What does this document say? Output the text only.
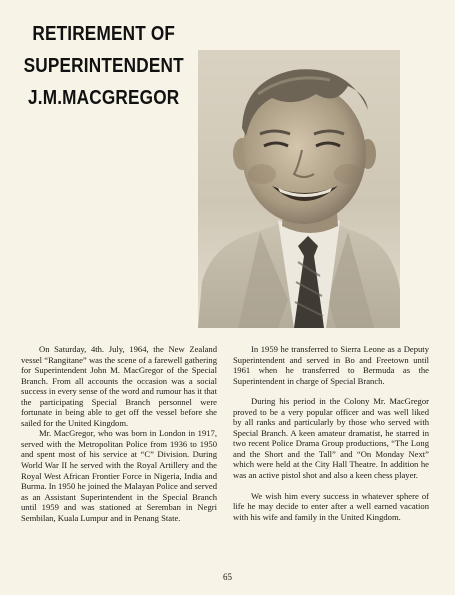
RETIREMENT OF
SUPERINTENDENT
J.M.MACGREGOR

On Saturday, 4th. July, 1964, the New Zealand vessel “Rangitane” was the scene of a farewell gathering for Superintendent John M. MacGregor of the Special Branch. From all accounts the occasion was a social success in every sense of the word and rumour has it that the participating Special Branch personnel were fortunate in being able to get off the vessel before she sailed for the United Kingdom.

Mr. MacGregor, who was born in London in 1917, served with the Metropolitan Police from 1936 to 1950 and spent most of his service at “C” Division. During World War II he served with the Royal Artillery and the Royal West African Frontier Force in Nigeria, India and Burma. In 1950 he joined the Malayan Police and served as an Assistant Superintendent in the Special Branch until 1959 and was stationed at Seremban in Negri Sembilan, Kuala Lumpur and in Penang State.

In 1959 he transferred to Sierra Leone as a Deputy Superintendent and served in Bo and Freetown until 1961 when he transferred to Bermuda as the Superintendent in charge of Special Branch.

During his period in the Colony Mr. MacGregor proved to be a very popular officer and was well liked by all ranks and particularly by those who served with Special Branch. A keen amateur dramatist, he starred in two recent Police Drama Group productions, “The Long and the Short and the Tall” and “On Monday Next” which were held at the City Hall Theatre. In addition he was an active pistol shot and also a keen chess player.

We wish him every success in whatever sphere of life he may decide to enter after a well earned vacation with his wife and family in the United Kingdom.

65
